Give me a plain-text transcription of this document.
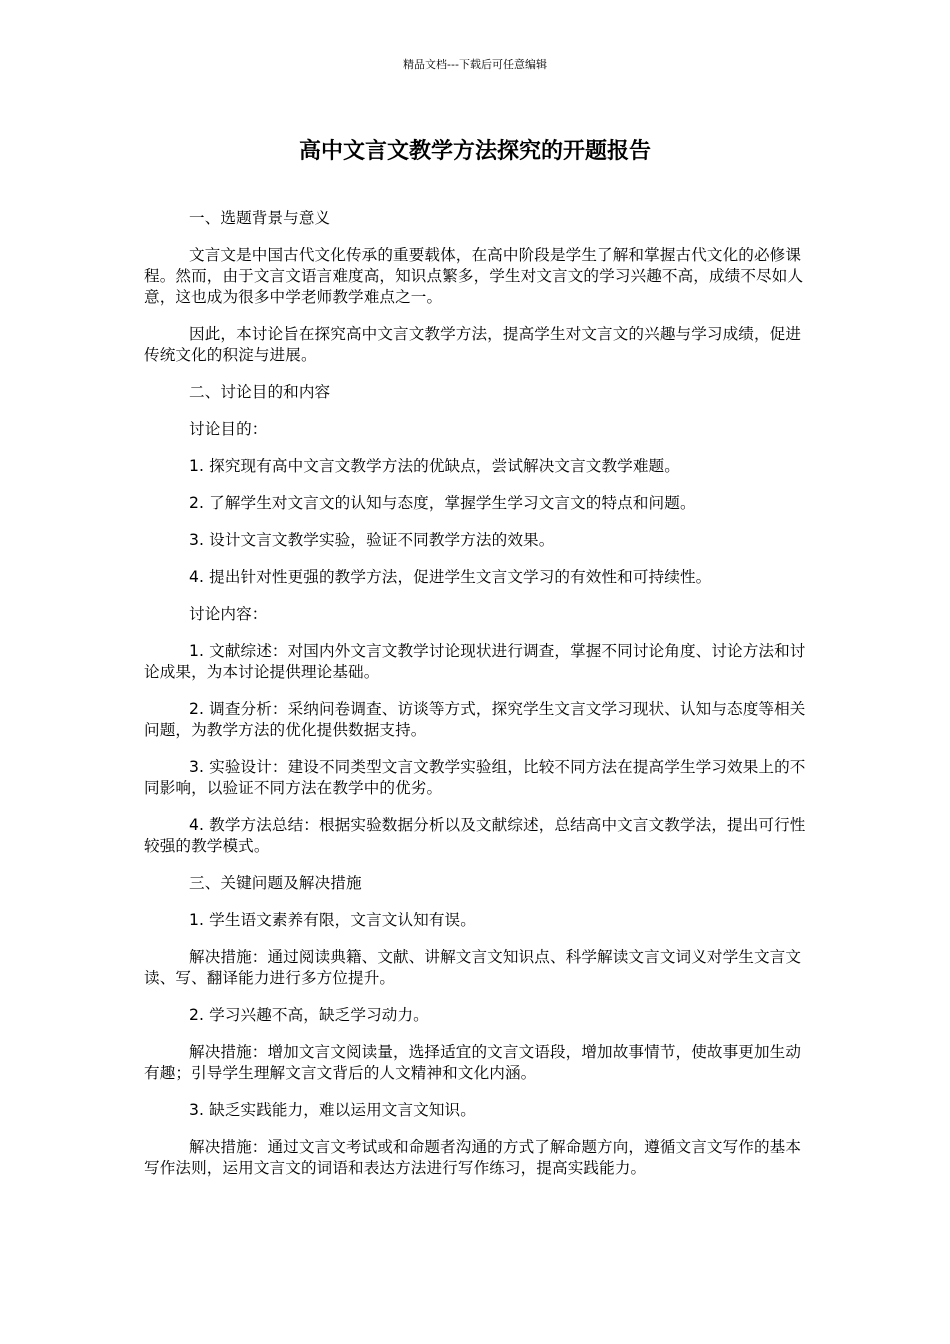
精品文档---下载后可任意编辑
高中文言文教学方法探究的开题报告

一、选题背景与意义

文言文是中国古代文化传承的重要载体，在高中阶段是学生了解和掌握古代文化的必修课程。然而，由于文言文语言难度高，知识点繁多，学生对文言文的学习兴趣不高，成绩不尽如人意，这也成为很多中学老师教学难点之一。

因此，本讨论旨在探究高中文言文教学方法，提高学生对文言文的兴趣与学习成绩，促进传统文化的积淀与进展。

二、讨论目的和内容

讨论目的：

1. 探究现有高中文言文教学方法的优缺点，尝试解决文言文教学难题。

2. 了解学生对文言文的认知与态度，掌握学生学习文言文的特点和问题。

3. 设计文言文教学实验，验证不同教学方法的效果。

4. 提出针对性更强的教学方法，促进学生文言文学习的有效性和可持续性。

讨论内容：

1. 文献综述：对国内外文言文教学讨论现状进行调查，掌握不同讨论角度、讨论方法和讨论成果，为本讨论提供理论基础。

2. 调查分析：采纳问卷调查、访谈等方式，探究学生文言文学习现状、认知与态度等相关问题，为教学方法的优化提供数据支持。

3. 实验设计：建设不同类型文言文教学实验组，比较不同方法在提高学生学习效果上的不同影响，以验证不同方法在教学中的优劣。

4. 教学方法总结：根据实验数据分析以及文献综述，总结高中文言文教学法，提出可行性较强的教学模式。

三、关键问题及解决措施

1. 学生语文素养有限，文言文认知有误。

解决措施：通过阅读典籍、文献、讲解文言文知识点、科学解读文言文词义对学生文言文读、写、翻译能力进行多方位提升。

2. 学习兴趣不高，缺乏学习动力。

解决措施：增加文言文阅读量，选择适宜的文言文语段，增加故事情节，使故事更加生动有趣；引导学生理解文言文背后的人文精神和文化内涵。

3. 缺乏实践能力，难以运用文言文知识。

解决措施：通过文言文考试或和命题者沟通的方式了解命题方向，遵循文言文写作的基本写作法则，运用文言文的词语和表达方法进行写作练习，提高实践能力。
